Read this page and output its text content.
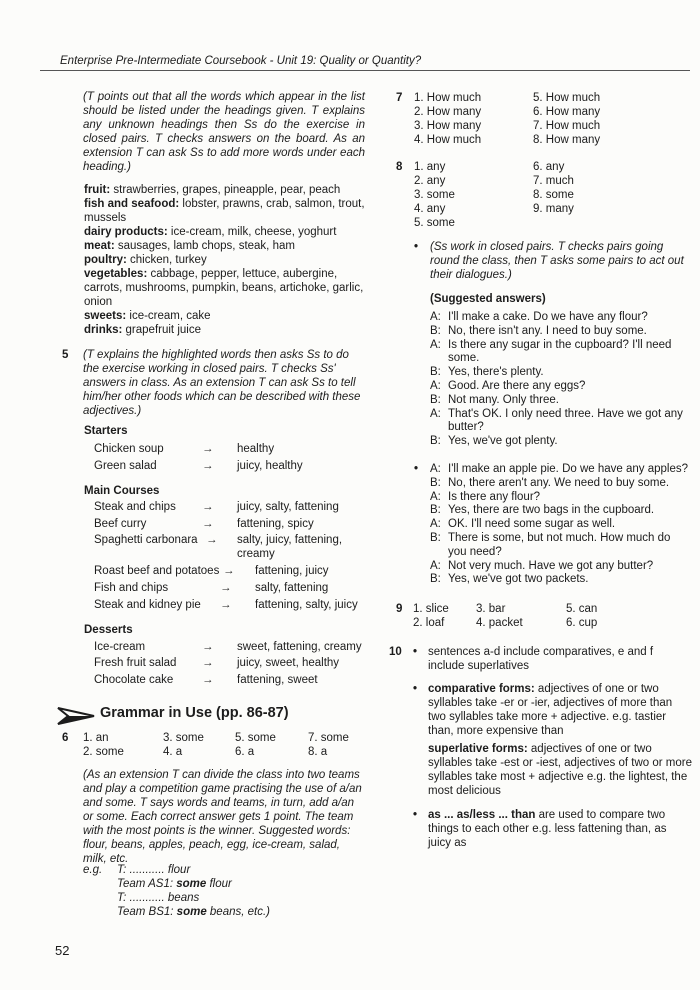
Enterprise Pre-Intermediate Coursebook - Unit 19: Quality or Quantity?
(T points out that all the words which appear in the list should be listed under the headings given. T explains any unknown headings then Ss do the exercise in closed pairs. T checks answers on the board. As an extension T can ask Ss to add more words under each heading.)
fruit: strawberries, grapes, pineapple, pear, peach
fish and seafood: lobster, prawns, crab, salmon, trout, mussels
dairy products: ice-cream, milk, cheese, yoghurt
meat: sausages, lamb chops, steak, ham
poultry: chicken, turkey
vegetables: cabbage, pepper, lettuce, aubergine, carrots, mushrooms, pumpkin, beans, artichoke, garlic, onion
sweets: ice-cream, cake
drinks: grapefruit juice
5 (T explains the highlighted words then asks Ss to do the exercise working in closed pairs. T checks Ss' answers in class. As an extension T can ask Ss to tell him/her other foods which can be described with these adjectives.)
Starters
Chicken soup	→ healthy
Green salad	→ juicy, healthy
Main Courses
Steak and chips → juicy, salty, fattening
Beef curry	→ fattening, spicy
Spaghetti carbonara → salty, juicy, fattening,
creamy
Roast beef and potatoes → fattening, juicy
Fish and chips	→ salty, fattening
Steak and kidney pie → fattening, salty, juicy
Desserts
Ice-cream	→ sweet, fattening, creamy
Fresh fruit salad → juicy, sweet, healthy
Chocolate cake → fattening, sweet
Grammar in Use (pp. 86-87)
6 1. an	3. some	5. some	7. some
2. some	4. a	6. a	8. a
(As an extension T can divide the class into two teams and play a competition game practising the use of a/an and some. T says words and teams, in turn, add a/an or some. Each correct answer gets 1 point. The team with the most points is the winner. Suggested words: flour, beans, apples, peach, egg, ice-cream, salad, milk, etc.
e.g. T: ........... flour
Team AS1: some flour
T: ........... beans
Team BS1: some beans, etc.)
52
7 1. How much
2. How many
3. How many
4. How much
5. How much
6. How many
7. How much
8. How many
8 1. any
2. any
3. some
4. any
5. some
6. any
7. much
8. some
9. many
• (Ss work in closed pairs. T checks pairs going round the class, then T asks some pairs to act out their dialogues.)
(Suggested answers)
A: I'll make a cake. Do we have any flour?
B: No, there isn't any. I need to buy some.
A: Is there any sugar in the cupboard? I'll need
some.
B: Yes, there's plenty.
A: Good. Are there any eggs?
B: Not many. Only three.
A: That's OK. I only need three. Have we got any
butter?
B: Yes, we've got plenty.
• A: I'll make an apple pie. Do we have any apples?
B: No, there aren't any. We need to buy some.
A: Is there any flour?
B: Yes, there are two bags in the cupboard.
A: OK. I'll need some sugar as well.
B: There is some, but not much. How much do
you need?
A: Not very much. Have we got any butter?
B: Yes, we've got two packets.
9 1. slice 3. bar	5. can
2. loaf	4. packet	6. cup
10 • sentences a-d include comparatives, e and f include superlatives
• comparative forms: adjectives of one or two syllables take -er or -ier, adjectives of more than two syllables take more + adjective. e.g. tastier than, more expensive than
superlative forms: adjectives of one or two syllables take -est or -iest, adjectives of two or more syllables take most + adjective e.g. the lightest, the most delicious
• as ... as/less ... than are used to compare two things to each other e.g. less fattening than, as juicy as
